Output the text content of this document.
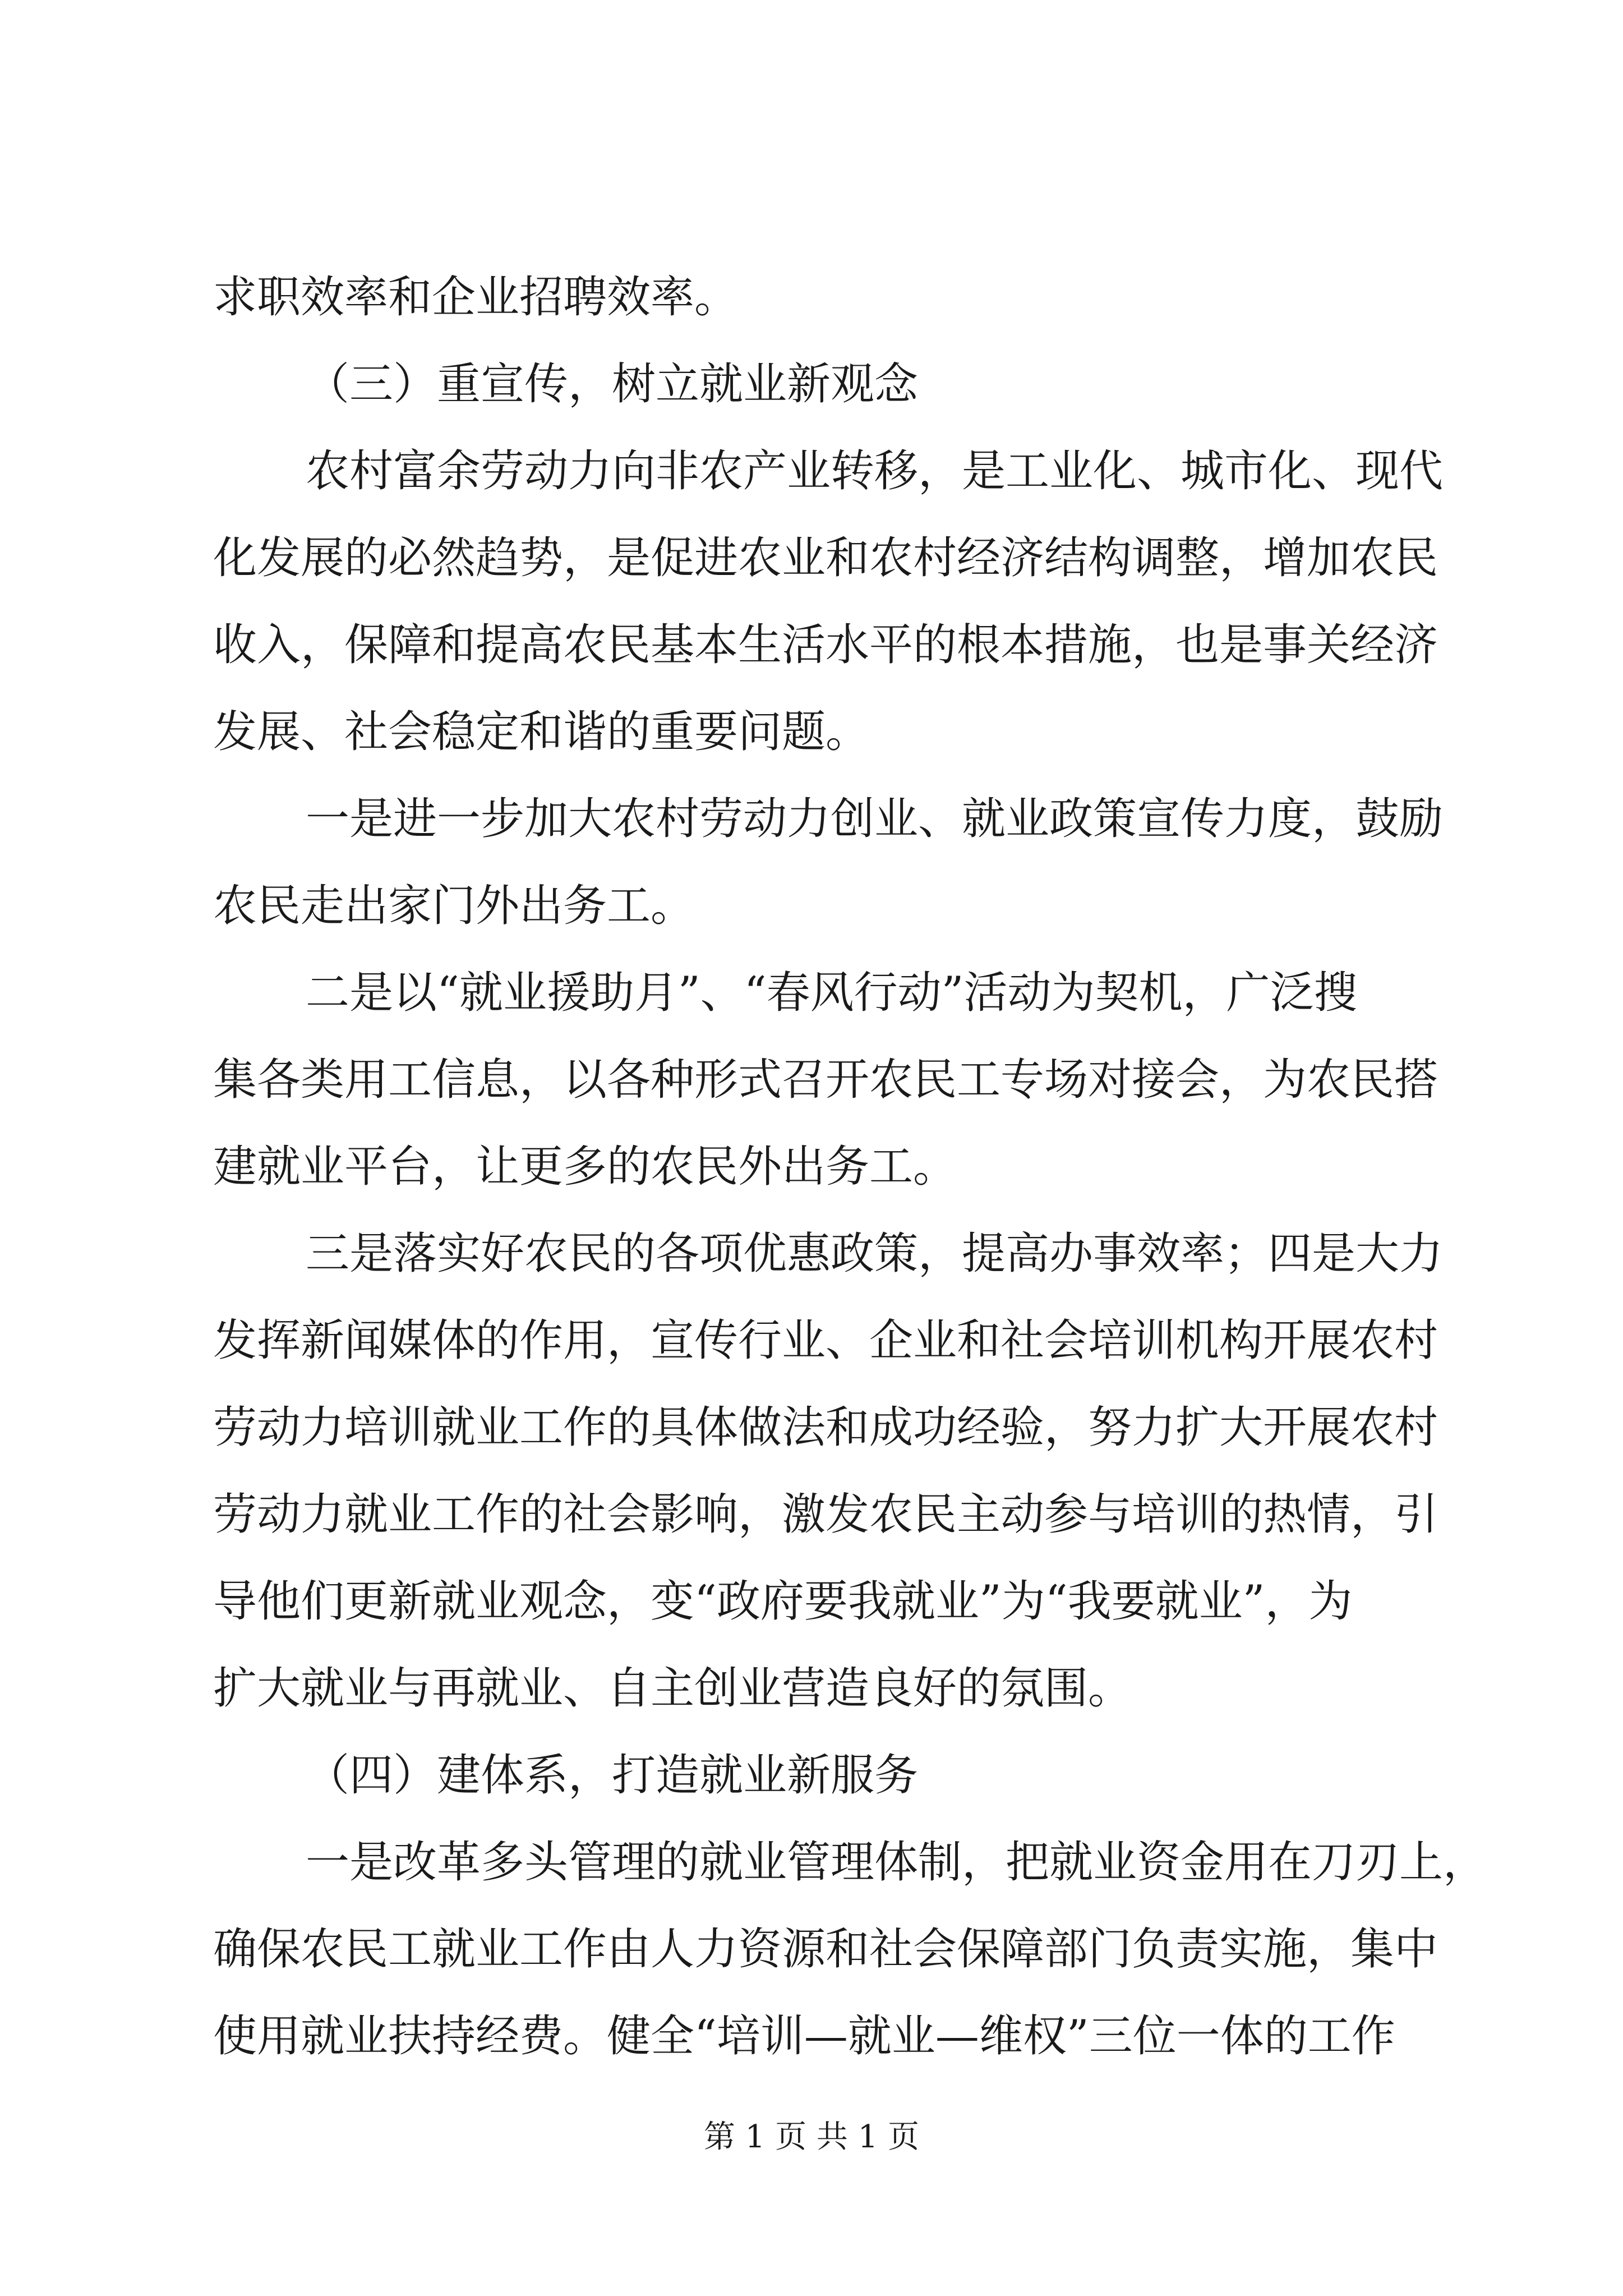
求职效率和企业招聘效率。
（三）重宣传，树立就业新观念
农村富余劳动力向非农产业转移，是工业化、城市化、现代
化发展的必然趋势，是促进农业和农村经济结构调整，增加农民
收入，保障和提高农民基本生活水平的根本措施，也是事关经济
发展、社会稳定和谐的重要问题。
一是进一步加大农村劳动力创业、就业政策宣传力度，鼓励
农民走出家门外出务工。
二是以“就业援助月”、“春风行动”活动为契机，广泛搜
集各类用工信息，以各种形式召开农民工专场对接会，为农民搭
建就业平台，让更多的农民外出务工。
三是落实好农民的各项优惠政策，提高办事效率；四是大力
发挥新闻媒体的作用，宣传行业、企业和社会培训机构开展农村
劳动力培训就业工作的具体做法和成功经验，努力扩大开展农村
劳动力就业工作的社会影响，激发农民主动参与培训的热情，引
导他们更新就业观念，变“政府要我就业”为“我要就业”，为
扩大就业与再就业、自主创业营造良好的氛围。
（四）建体系，打造就业新服务
一是改革多头管理的就业管理体制，把就业资金用在刀刃上，
确保农民工就业工作由人力资源和社会保障部门负责实施，集中
使用就业扶持经费。健全“培训—就业—维权”三位一体的工作
第 1 页 共 1 页
